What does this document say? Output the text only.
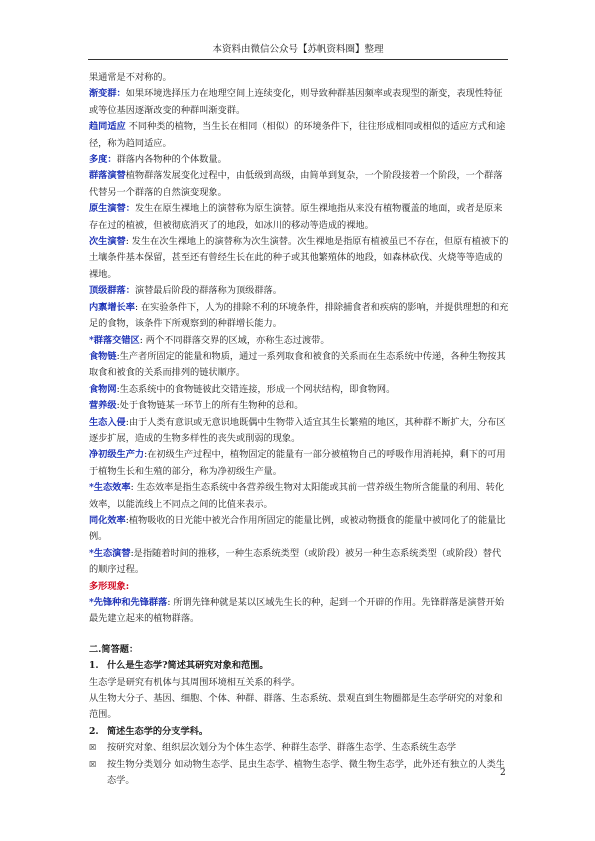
本资料由微信公众号【苏帆资料圈】整理

果通常是不对称的。

渐变群：如果环境选择压力在地理空间上连续变化，则导致种群基因频率或表现型的渐变，表现性特征或等位基因逐渐改变的种群叫渐变群。

趋同适应 不同种类的植物，当生长在相同（相似）的环境条件下，往往形成相同或相似的适应方式和途径，称为趋同适应。

多度：群落内各物种的个体数量。

群落演替植物群落发展变化过程中，由低级到高级，由简单到复杂，一个阶段接着一个阶段，一个群落代替另一个群落的自然演变现象。

原生演替：发生在原生裸地上的演替称为原生演替。原生裸地指从来没有植物覆盖的地面，或者是原来存在过的植被，但被彻底消灭了的地段，如冰川的移动等造成的裸地。

次生演替: 发生在次生裸地上的演替称为次生演替。次生裸地是指原有植被虽已不存在，但原有植被下的土壤条件基本保留，甚至还有曾经生长在此的种子或其他繁殖体的地段，如森林砍伐、火烧等等造成的裸地。

顶级群落：演替最后阶段的群落称为顶级群落。

内禀增长率: 在实验条件下，人为的排除不利的环境条件，排除捕食者和疾病的影响，并提供理想的和充足的食物，该条件下所观察到的种群增长能力。

*群落交错区: 两个不同群落交界的区域，亦称生态过渡带。

食物链:生产者所固定的能量和物质，通过一系列取食和被食的关系而在生态系统中传递，各种生物按其取食和被食的关系而排列的链状顺序。

食物网:生态系统中的食物链彼此交错连接，形成一个网状结构，即食物网。

营养级:处于食物链某一环节上的所有生物种的总和。

生态入侵:由于人类有意识或无意识地既偶中生物带入适宜其生长繁殖的地区，其种群不断扩大，分布区逐步扩展，造成的生物多样性的丧失或削弱的现象。

净初级生产力:在初级生产过程中，植物固定的能量有一部分被植物自己的呼吸作用消耗掉，剩下的可用于植物生长和生殖的部分，称为净初级生产量。

*生态效率: 生态效率是指生态系统中各营养级生物对太阳能或其前一营养级生物所含能量的利用、转化效率，以能流线上不同点之间的比值来表示。

同化效率:植物吸收的日光能中被光合作用所固定的能量比例，或被动物摄食的能量中被同化了的能量比例。

*生态演替:是指随着时间的推移，一种生态系统类型（或阶段）被另一种生态系统类型（或阶段）替代的顺序过程。

多形现象:

*先锋种和先锋群落: 所谓先锋种就是某以区域先生长的种，起到一个开辟的作用。先锋群落是演替开始最先建立起来的植物群落。

二.简答题：

1. 什么是生态学?简述其研究对象和范围。

生态学是研究有机体与其周围环境相互关系的科学。

从生物大分子、基因、细胞、个体、种群、群落、生态系统、景观直到生物圈都是生态学研究的对象和范围。

2. 简述生态学的分支学科。

☒ 按研究对象、组织层次划分为个体生态学、种群生态学、群落生态学、生态系统生态学

☒ 按生物分类划分 如动物生态学、昆虫生态学、植物生态学、微生物生态学，此外还有独立的人类生态学。

2
